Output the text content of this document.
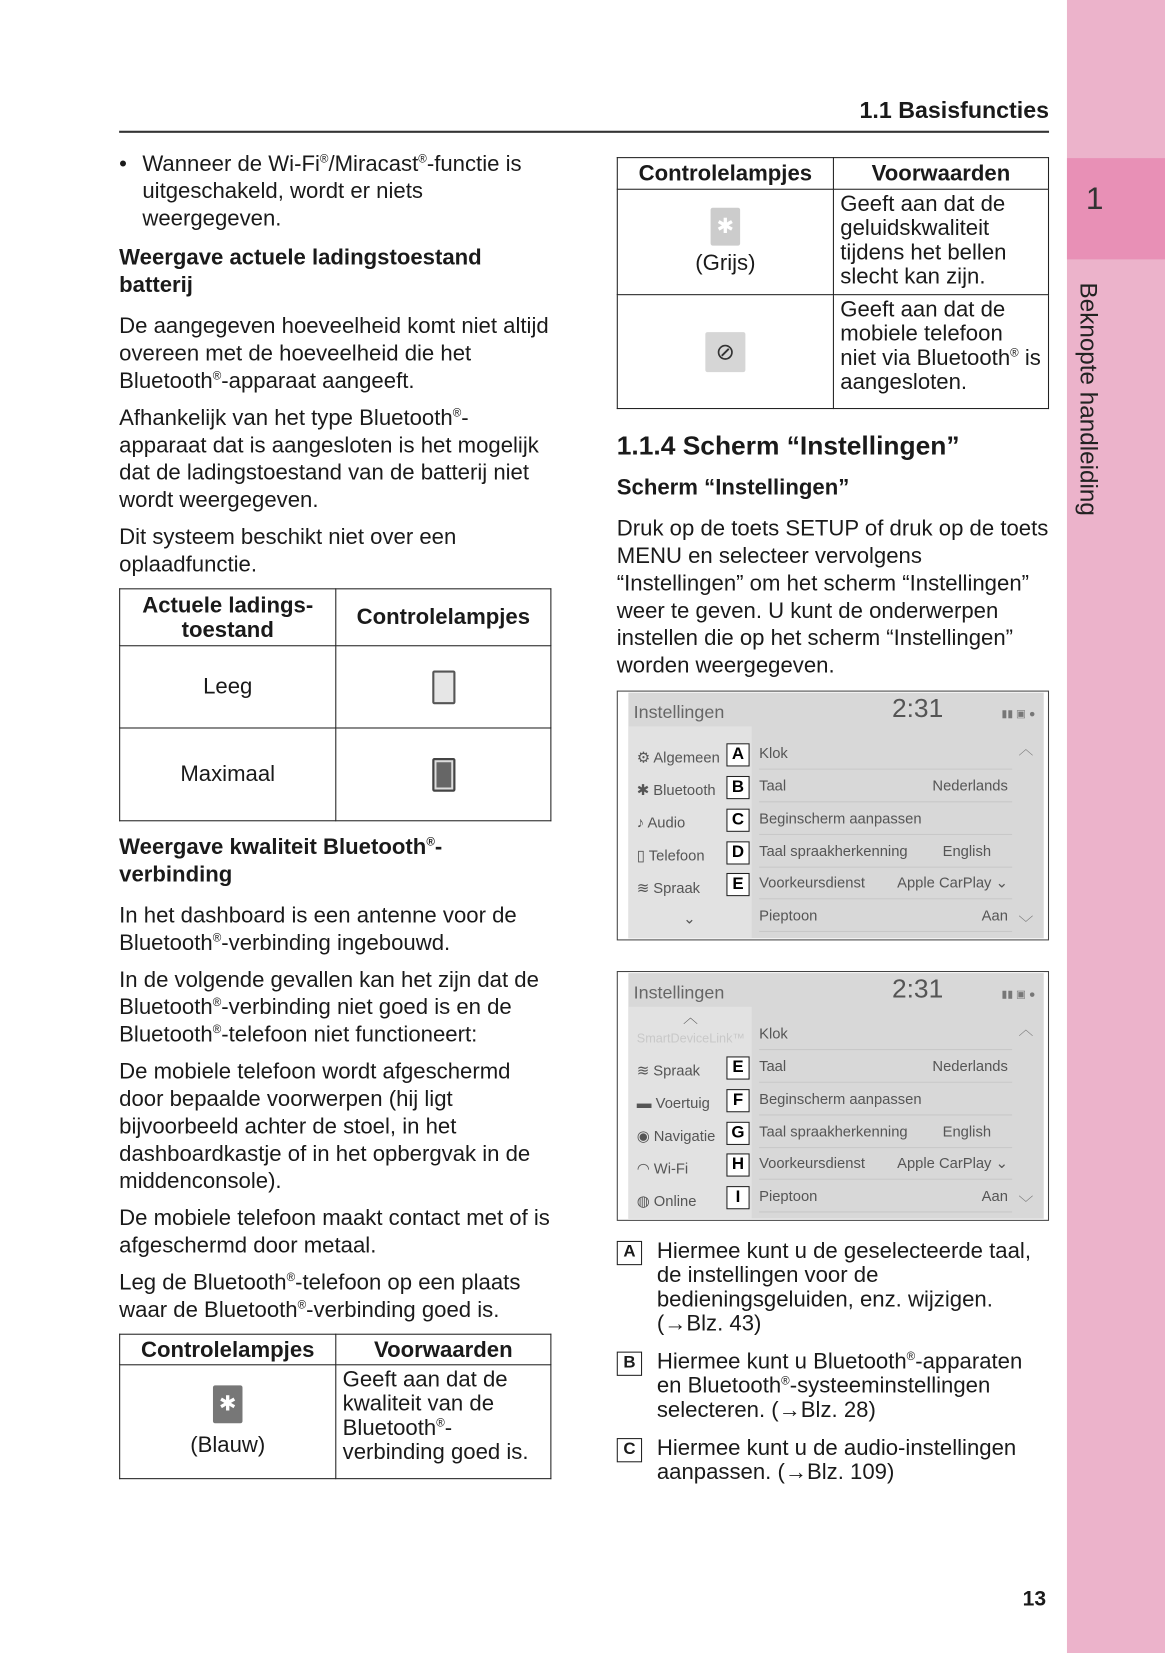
1
Beknopte handleiding
1.1 Basisfuncties
13

• Wanneer de Wi-Fi®/Miracast®-functie is uitgeschakeld, wordt er niets weergegeven.

Weergave actuele ladingstoestand batterij

De aangegeven hoeveelheid komt niet altijd overeen met de hoeveelheid die het Bluetooth®-apparaat aangeeft.

Afhankelijk van het type Bluetooth®-apparaat dat is aangesloten is het mogelijk dat de ladingstoestand van de batterij niet wordt weergegeven.

Dit systeem beschikt niet over een oplaadfunctie.

Actuele ladings-toestand	Controlelampjes
Leeg	
Maximaal	
Weergave kwaliteit Bluetooth®-verbinding

In het dashboard is een antenne voor de Bluetooth®-verbinding ingebouwd.

In de volgende gevallen kan het zijn dat de Bluetooth®-verbinding niet goed is en de Bluetooth®-telefoon niet functioneert:

De mobiele telefoon wordt afgeschermd door bepaalde voorwerpen (hij ligt bijvoorbeeld achter de stoel, in het dashboardkastje of in het opbergvak in de middenconsole).

De mobiele telefoon maakt contact met of is afgeschermd door metaal.

Leg de Bluetooth®-telefoon op een plaats waar de Bluetooth®-verbinding goed is.

Controlelampjes	Voorwaarden
✱
(Blauw)	Geeft aan dat de kwaliteit van de Bluetooth®-verbinding goed is.
Controlelampjes	Voorwaarden
✱
(Grijs)	Geeft aan dat de geluidskwaliteit tijdens het bellen slecht kan zijn.
⊘	Geeft aan dat de mobiele telefoon niet via Bluetooth® is aangesloten.
1.1.4 Scherm “Instellingen”
Scherm “Instellingen”

Druk op de toets SETUP of druk op de toets MENU en selecteer vervolgens “Instellingen” om het scherm “Instellingen” weer te geven. U kunt de onderwerpen instellen die op het scherm “Instellingen” worden weergegeven.

Instellingen	2:31	▮▮ ▣ ●
⚙ Algemeen A
✱ Bluetooth	B
♪ Audio	C
▯ Telefoon	D
≋ Spraak	E
⌄
Klok
Taal	Nederlands
Beginscherm aanpassen
Taal spraakherkenning	English
Voorkeursdienst Apple CarPlay ⌄
Pieptoon	Aan
︿
﹀
Instellingen	2:31	▮▮ ▣ ●
︿
SmartDeviceLink™
≋ Spraak	E
▬ Voertuig	F
◉ Navigatie	G
◠ Wi-Fi	H
◍ Online	I
Klok
Taal	Nederlands
Beginscherm aanpassen
Taal spraakherkenning	English
Voorkeursdienst Apple CarPlay ⌄
Pieptoon	Aan
︿
﹀
A	Hiermee kunt u de geselecteerde taal, de instellingen voor de bedieningsgeluiden, enz. wijzigen. (→Blz. 43)
B	Hiermee kunt u Bluetooth®-apparaten en Bluetooth®-systeeminstellingen selecteren. (→Blz. 28)
C	Hiermee kunt u de audio-instellingen aanpassen. (→Blz. 109)
